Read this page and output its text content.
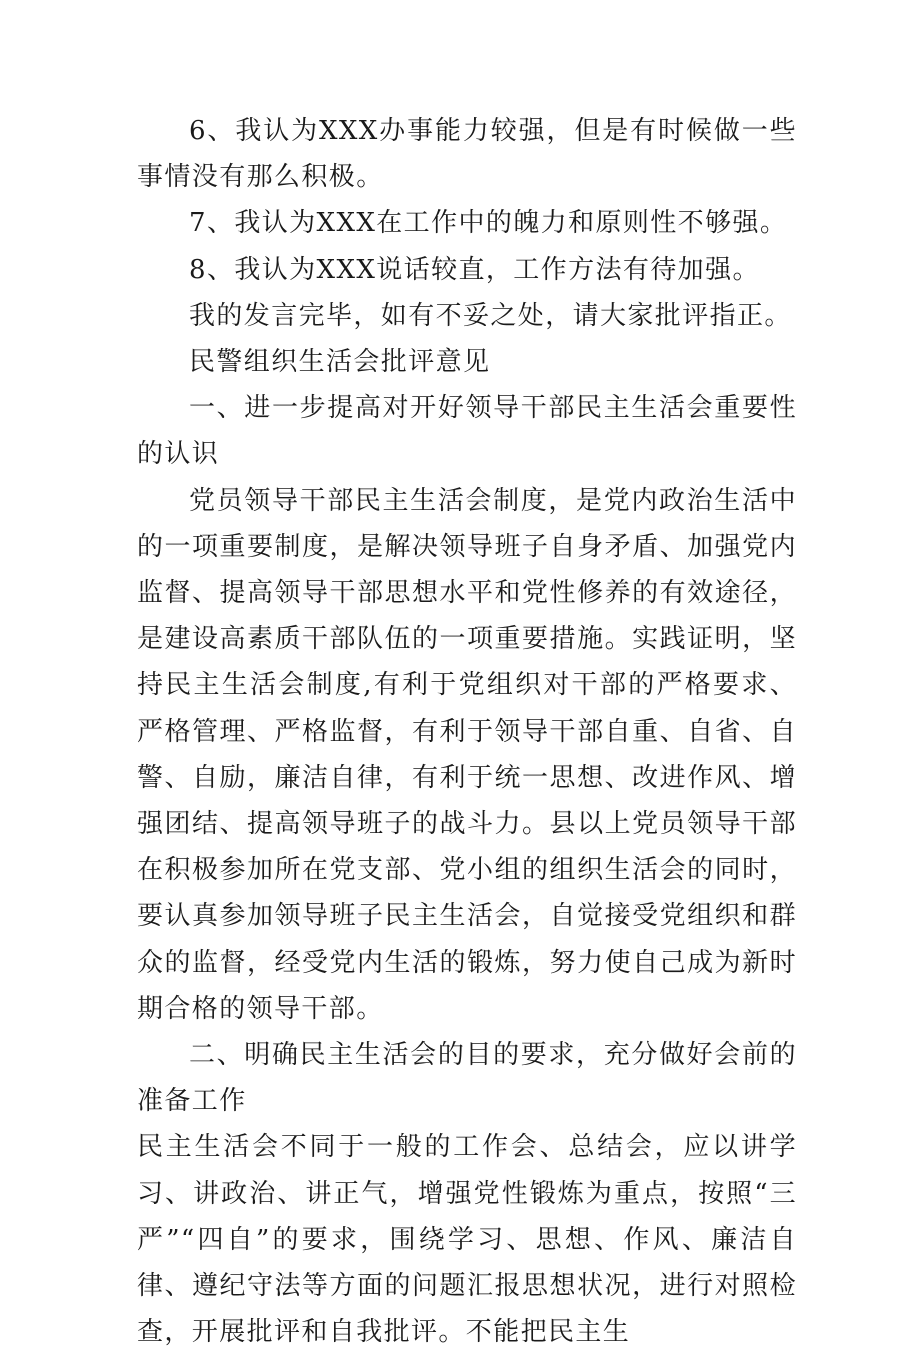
6、我认为XXX办事能力较强，但是有时候做一些事情没有那么积极。

7、我认为XXX在工作中的魄力和原则性不够强。

8、我认为XXX说话较直，工作方法有待加强。

我的发言完毕，如有不妥之处，请大家批评指正。

民警组织生活会批评意见

一、进一步提高对开好领导干部民主生活会重要性的认识

党员领导干部民主生活会制度，是党内政治生活中的一项重要制度，是解决领导班子自身矛盾、加强党内监督、提高领导干部思想水平和党性修养的有效途径，是建设高素质干部队伍的一项重要措施。实践证明，坚持民主生活会制度,有利于党组织对干部的严格要求、严格管理、严格监督，有利于领导干部自重、自省、自警、自励，廉洁自律，有利于统一思想、改进作风、增强团结、提高领导班子的战斗力。县以上党员领导干部在积极参加所在党支部、党小组的组织生活会的同时，要认真参加领导班子民主生活会，自觉接受党组织和群众的监督，经受党内生活的锻炼，努力使自己成为新时期合格的领导干部。

二、明确民主生活会的目的要求，充分做好会前的准备工作

民主生活会不同于一般的工作会、总结会，应以讲学习、讲政治、讲正气，增强党性锻炼为重点，按照“三严”“四自”的要求，围绕学习、思想、作风、廉洁自律、遵纪守法等方面的问题汇报思想状况，进行对照检查，开展批评和自我批评。不能把民主生
